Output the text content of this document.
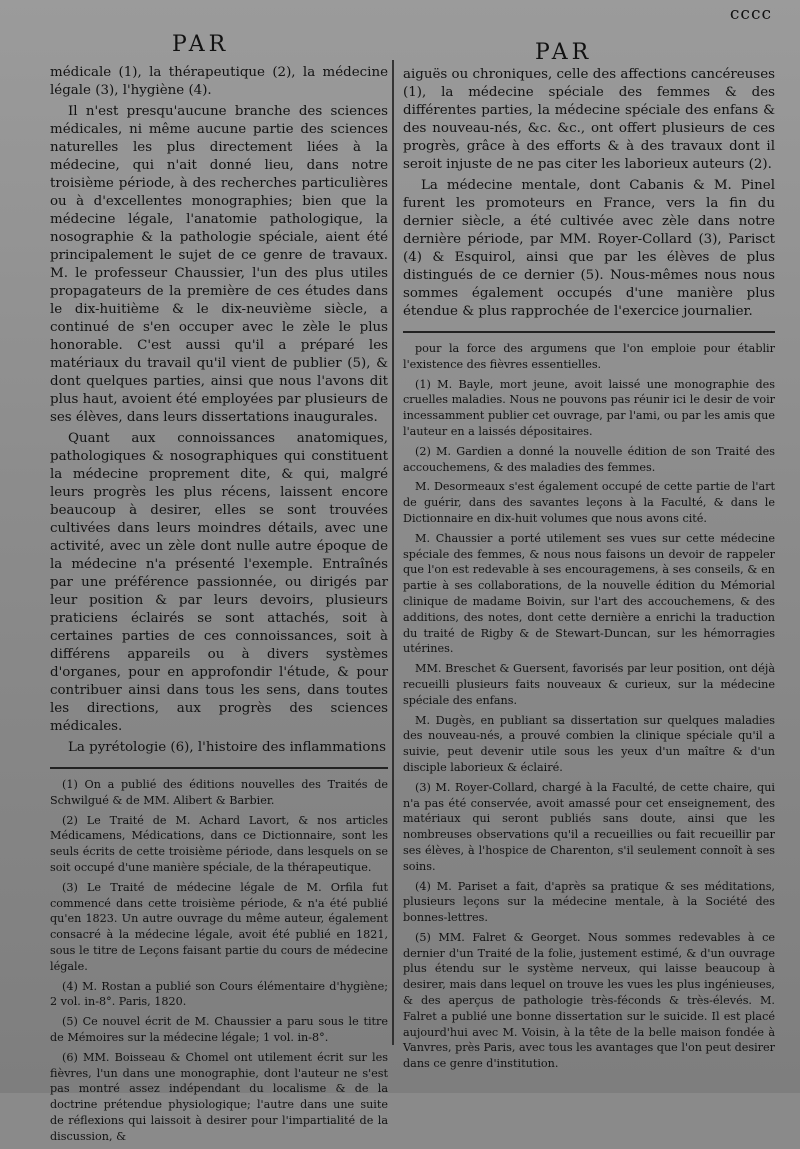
PAR	PAR
cccc

médicale (1), la thérapeutique (2), la médecine légale (3), l'hygiène (4).

Il n'est presqu'aucune branche des sciences médicales, ni même aucune partie des sciences naturelles les plus directement liées à la médecine, qui n'ait donné lieu, dans notre troisième période, à des recherches particulières ou à d'excellentes monographies; bien que la médecine légale, l'anatomie pathologique, la nosographie & la pathologie spéciale, aient été principalement le sujet de ce genre de travaux. M. le professeur Chaussier, l'un des plus utiles propagateurs de la première de ces études dans le dix-huitième & le dix-neuvième siècle, a continué de s'en occuper avec le zèle le plus honorable. C'est aussi qu'il a préparé les matériaux du travail qu'il vient de publier (5), & dont quelques parties, ainsi que nous l'avons dit plus haut, avoient été employées par plusieurs de ses élèves, dans leurs dissertations inaugurales.

Quant aux connoissances anatomiques, pathologiques & nosographiques qui constituent la médecine proprement dite, & qui, malgré leurs progrès les plus récens, laissent encore beaucoup à desirer, elles se sont trouvées cultivées dans leurs moindres détails, avec une activité, avec un zèle dont nulle autre époque de la médecine n'a présenté l'exemple. Entraînés par une préférence passionnée, ou dirigés par leur position & par leurs devoirs, plusieurs praticiens éclairés se sont attachés, soit à certaines parties de ces connoissances, soit à différens appareils ou à divers systèmes d'organes, pour en approfondir l'étude, & pour contribuer ainsi dans tous les sens, dans toutes les directions, aux progrès des sciences médicales.

La pyrétologie (6), l'histoire des inflammations

(1) On a publié des éditions nouvelles des Traités de Schwilgué & de MM. Alibert & Barbier.

(2) Le Traité de M. Achard Lavort, & nos articles Médicamens, Médications, dans ce Dictionnaire, sont les seuls écrits de cette troisième période, dans lesquels on se soit occupé d'une manière spéciale, de la thérapeutique.

(3) Le Traité de médecine légale de M. Orfila fut commencé dans cette troisième période, & n'a été publié qu'en 1823. Un autre ouvrage du même auteur, également consacré à la médecine légale, avoit été publié en 1821, sous le titre de Leçons faisant partie du cours de médecine légale.

(4) M. Rostan a publié son Cours élémentaire d'hygiène; 2 vol. in-8°. Paris, 1820.

(5) Ce nouvel écrit de M. Chaussier a paru sous le titre de Mémoires sur la médecine légale; 1 vol. in-8°.

(6) MM. Boisseau & Chomel ont utilement écrit sur les fièvres, l'un dans une monographie, dont l'auteur ne s'est pas montré assez indépendant du localisme & de la doctrine prétendue physiologique; l'autre dans une suite de réflexions qui laissoit à desirer pour l'impartialité de la discussion, &

aiguës ou chroniques, celle des affections cancéreuses (1), la médecine spéciale des femmes & des différentes parties, la médecine spéciale des enfans & des nouveau-nés, &c. &c., ont offert plusieurs de ces progrès, grâce à des efforts & à des travaux dont il seroit injuste de ne pas citer les laborieux auteurs (2).

La médecine mentale, dont Cabanis & M. Pinel furent les promoteurs en France, vers la fin du dernier siècle, a été cultivée avec zèle dans notre dernière période, par MM. Royer-Collard (3), Parisct (4) & Esquirol, ainsi que par les élèves de plus distingués de ce dernier (5). Nous-mêmes nous nous sommes également occupés d'une manière plus étendue & plus rapprochée de l'exercice journalier.

pour la force des argumens que l'on emploie pour établir l'existence des fièvres essentielles.

(1) M. Bayle, mort jeune, avoit laissé une monographie des cruelles maladies. Nous ne pouvons pas réunir ici le desir de voir incessamment publier cet ouvrage, par l'ami, ou par les amis que l'auteur en a laissés dépositaires.

(2) M. Gardien a donné la nouvelle édition de son Traité des accouchemens, & des maladies des femmes.

M. Desormeaux s'est également occupé de cette partie de l'art de guérir, dans des savantes leçons à la Faculté, & dans le Dictionnaire en dix-huit volumes que nous avons cité.

M. Chaussier a porté utilement ses vues sur cette médecine spéciale des femmes, & nous nous faisons un devoir de rappeler que l'on est redevable à ses encouragemens, à ses conseils, & en partie à ses collaborations, de la nouvelle édition du Mémorial clinique de madame Boivin, sur l'art des accouchemens, & des additions, des notes, dont cette dernière a enrichi la traduction du traité de Rigby & de Stewart-Duncan, sur les hémorragies utérines.

MM. Breschet & Guersent, favorisés par leur position, ont déjà recueilli plusieurs faits nouveaux & curieux, sur la médecine spéciale des enfans.

M. Dugès, en publiant sa dissertation sur quelques maladies des nouveau-nés, a prouvé combien la clinique spéciale qu'il a suivie, peut devenir utile sous les yeux d'un maître & d'un disciple laborieux & éclairé.

(3) M. Royer-Collard, chargé à la Faculté, de cette chaire, qui n'a pas été conservée, avoit amassé pour cet enseignement, des matériaux qui seront publiés sans doute, ainsi que les nombreuses observations qu'il a recueillies ou fait recueillir par ses élèves, à l'hospice de Charenton, s'il seulement connoît à ses soins.

(4) M. Pariset a fait, d'après sa pratique & ses méditations, plusieurs leçons sur la médecine mentale, à la Société des bonnes-lettres.

(5) MM. Falret & Georget. Nous sommes redevables à ce dernier d'un Traité de la folie, justement estimé, & d'un ouvrage plus étendu sur le système nerveux, qui laisse beaucoup à desirer, mais dans lequel on trouve les vues les plus ingénieuses, & des aperçus de pathologie très-féconds & très-élevés. M. Falret a publié une bonne dissertation sur le suicide. Il est placé aujourd'hui avec M. Voisin, à la tête de la belle maison fondée à Vanvres, près Paris, avec tous les avantages que l'on peut desirer dans ce genre d'institution.
